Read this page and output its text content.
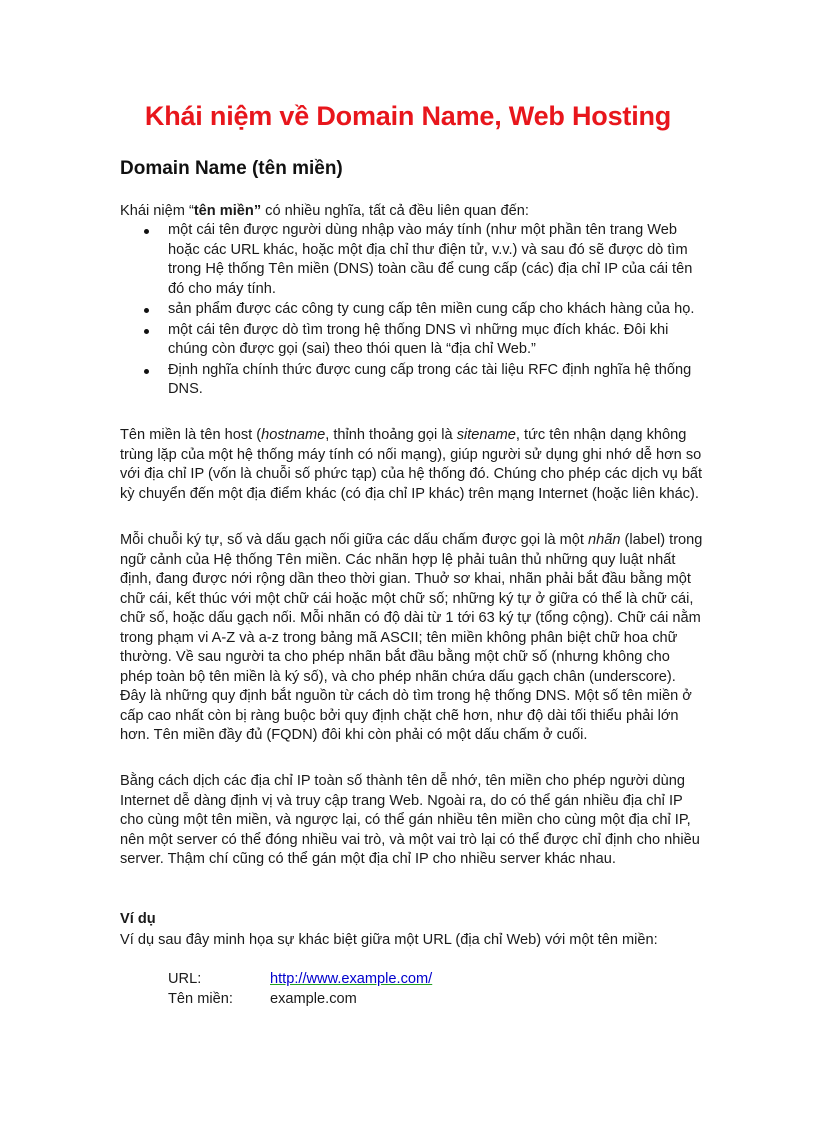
Khái niệm về Domain Name, Web Hosting
Domain Name (tên miền)
Khái niệm “tên miền” có nhiều nghĩa, tất cả đều liên quan đến:
một cái tên được người dùng nhập vào máy tính (như một phần tên trang Web hoặc các URL khác, hoặc một địa chỉ thư điện tử, v.v.) và sau đó sẽ được dò tìm trong Hệ thống Tên miền (DNS) toàn cầu để cung cấp (các) địa chỉ IP của cái tên đó cho máy tính.
sản phẩm được các công ty cung cấp tên miền cung cấp cho khách hàng của họ.
một cái tên được dò tìm trong hệ thống DNS vì những mục đích khác. Đôi khi chúng còn được gọi (sai) theo thói quen là “địa chỉ Web.”
Định nghĩa chính thức được cung cấp trong các tài liệu RFC định nghĩa hệ thống DNS.
Tên miền là tên host (hostname, thỉnh thoảng gọi là sitename, tức tên nhận dạng không trùng lặp của một hệ thống máy tính có nối mạng), giúp người sử dụng ghi nhớ dễ hơn so với địa chỉ IP (vốn là chuỗi số phức tạp) của hệ thống đó. Chúng cho phép các dịch vụ bất kỳ chuyển đến một địa điểm khác (có địa chỉ IP khác) trên mạng Internet (hoặc liên khác).
Mỗi chuỗi ký tự, số và dấu gạch nối giữa các dấu chấm được gọi là một nhãn (label) trong ngữ cảnh của Hệ thống Tên miền. Các nhãn hợp lệ phải tuân thủ những quy luật nhất định, đang được nới rộng dần theo thời gian. Thuở sơ khai, nhãn phải bắt đầu bằng một chữ cái, kết thúc với một chữ cái hoặc một chữ số; những ký tự ở giữa có thể là chữ cái, chữ số, hoặc dấu gạch nối. Mỗi nhãn có độ dài từ 1 tới 63 ký tự (tổng cộng). Chữ cái nằm trong phạm vi A-Z và a-z trong bảng mã ASCII; tên miền không phân biệt chữ hoa chữ thường. Về sau người ta cho phép nhãn bắt đầu bằng một chữ số (nhưng không cho phép toàn bộ tên miền là ký số), và cho phép nhãn chứa dấu gạch chân (underscore). Đây là những quy định bắt nguồn từ cách dò tìm trong hệ thống DNS. Một số tên miền ở cấp cao nhất còn bị ràng buộc bởi quy định chặt chẽ hơn, như độ dài tối thiểu phải lớn hơn. Tên miền đầy đủ (FQDN) đôi khi còn phải có một dấu chấm ở cuối.
Bằng cách dịch các địa chỉ IP toàn số thành tên dễ nhớ, tên miền cho phép người dùng Internet dễ dàng định vị và truy cập trang Web. Ngoài ra, do có thể gán nhiều địa chỉ IP cho cùng một tên miền, và ngược lại, có thể gán nhiều tên miền cho cùng một địa chỉ IP, nên một server có thể đóng nhiều vai trò, và một vai trò lại có thể được chỉ định cho nhiều server. Thậm chí cũng có thể gán một địa chỉ IP cho nhiều server khác nhau.
Ví dụ
Ví dụ sau đây minh họa sự khác biệt giữa một URL (địa chỉ Web) với một tên miền:
URL:	http://www.example.com/
Tên miền:	example.com
